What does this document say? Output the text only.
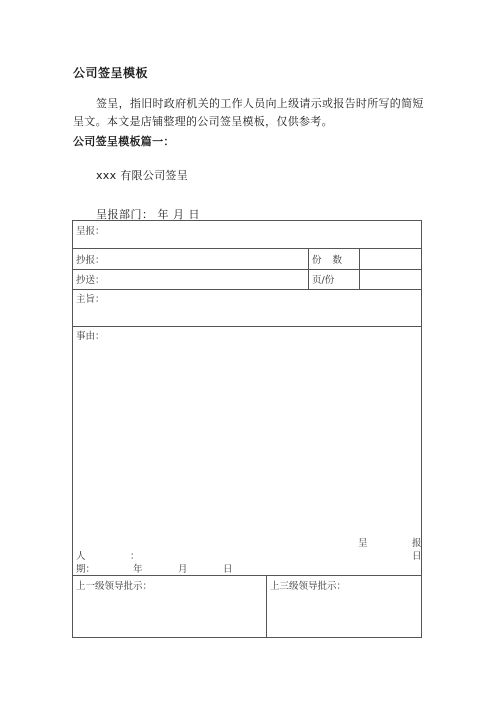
公司签呈模板
签呈，指旧时政府机关的工作人员向上级请示或报告时所写的简短呈文。本文是店铺整理的公司签呈模板，仅供参考。
公司签呈模板篇一：
xxx 有限公司签呈
呈报部门： 年 月 日
呈报：
抄报：	份 数
抄送：	页/份
主旨：
事由：
呈	报
人	：	日
期：	年	月	日
上一级领导批示：	上三级领导批示：
